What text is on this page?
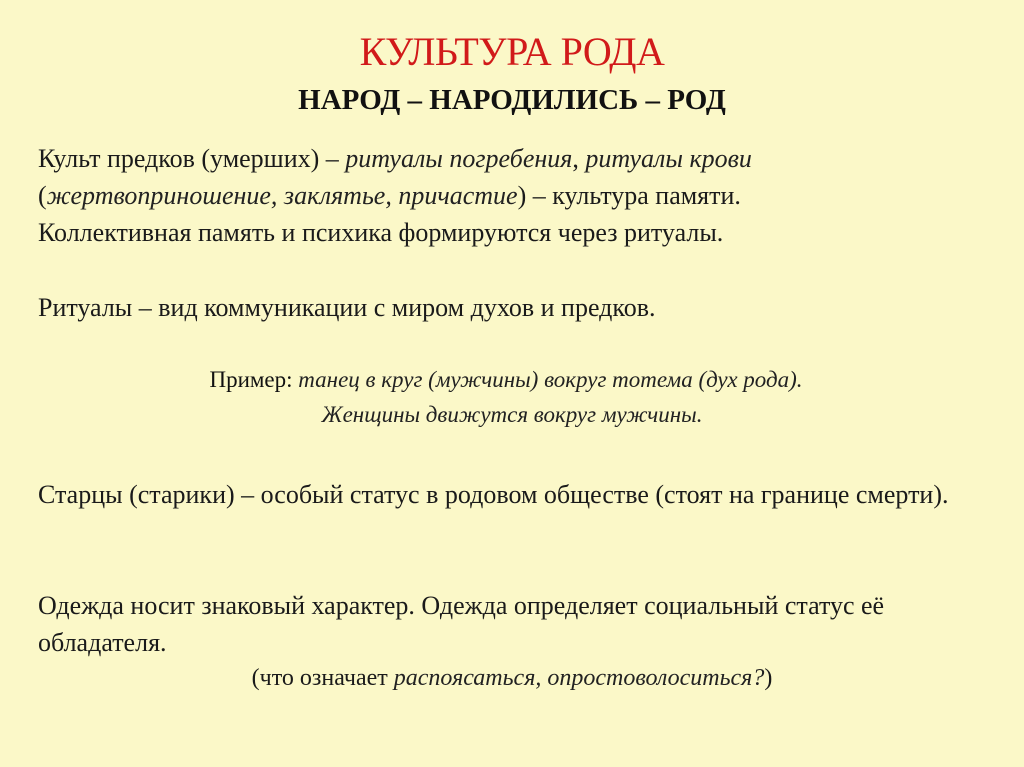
КУЛЬТУРА РОДА
НАРОД – НАРОДИЛИСЬ – РОД

Культ предков (умерших) – ритуалы погребения, ритуалы крови
(жертвоприношение, заклятье, причастие) – культура памяти.
Коллективная память и психика формируются через ритуалы.

Ритуалы – вид коммуникации с миром духов и предков.

Пример: танец в круг (мужчины) вокруг тотема (дух рода).
Женщины движутся вокруг мужчины.

Старцы (старики) – особый статус в родовом обществе (стоят на границе смерти).

Одежда носит знаковый характер. Одежда определяет социальный статус её обладателя.

(что означает распоясаться, опростоволоситься?)
